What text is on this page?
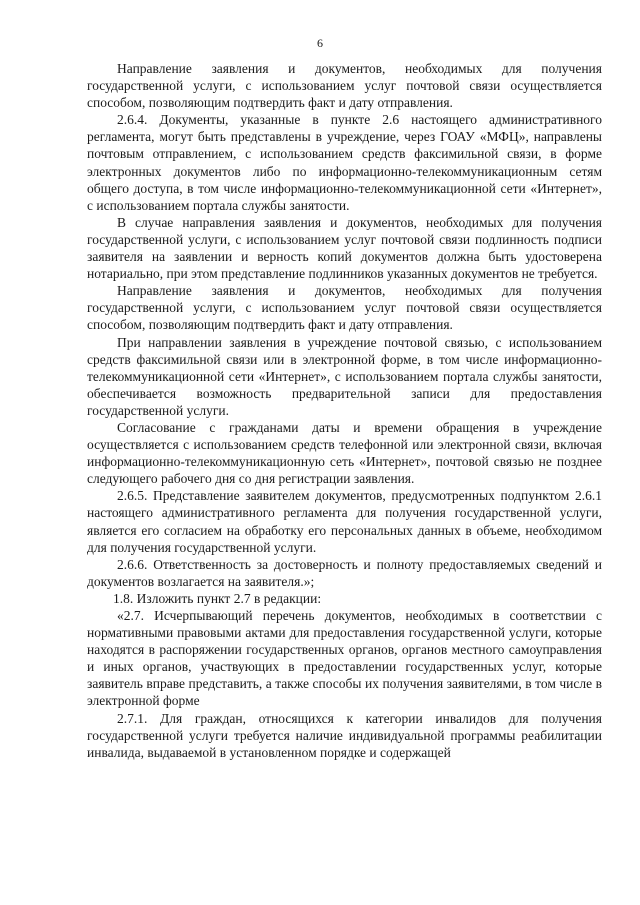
6

Направление заявления и документов, необходимых для получения государственной услуги, с использованием услуг почтовой связи осуществляется способом, позволяющим подтвердить факт и дату отправления.

2.6.4. Документы, указанные в пункте 2.6 настоящего административного регламента, могут быть представлены в учреждение, через ГОАУ «МФЦ», направлены почтовым отправлением, с использованием средств факсимильной связи, в форме электронных документов либо по информационно-телекоммуникационным сетям общего доступа, в том числе информационно-телекоммуникационной сети «Интернет», с использованием портала службы занятости.

В случае направления заявления и документов, необходимых для получения государственной услуги, с использованием услуг почтовой связи подлинность подписи заявителя на заявлении и верность копий документов должна быть удостоверена нотариально, при этом представление подлинников указанных документов не требуется.

Направление заявления и документов, необходимых для получения государственной услуги, с использованием услуг почтовой связи осуществляется способом, позволяющим подтвердить факт и дату отправления.

При направлении заявления в учреждение почтовой связью, с использованием средств факсимильной связи или в электронной форме, в том числе информационно-телекоммуникационной сети «Интернет», с использованием портала службы занятости, обеспечивается возможность предварительной записи для предоставления государственной услуги.

Согласование с гражданами даты и времени обращения в учреждение осуществляется с использованием средств телефонной или электронной связи, включая информационно-телекоммуникационную сеть «Интернет», почтовой связью не позднее следующего рабочего дня со дня регистрации заявления.

2.6.5. Представление заявителем документов, предусмотренных подпунктом 2.6.1 настоящего административного регламента для получения государственной услуги, является его согласием на обработку его персональных данных в объеме, необходимом для получения государственной услуги.

2.6.6. Ответственность за достоверность и полноту предоставляемых сведений и документов возлагается на заявителя.»;

1.8. Изложить пункт 2.7 в редакции:

«2.7. Исчерпывающий перечень документов, необходимых в соответствии с нормативными правовыми актами для предоставления государственной услуги, которые находятся в распоряжении государственных органов, органов местного самоуправления и иных органов, участвующих в предоставлении государственных услуг, которые заявитель вправе представить, а также способы их получения заявителями, в том числе в электронной форме

2.7.1. Для граждан, относящихся к категории инвалидов для получения государственной услуги требуется наличие индивидуальной программы реабилитации инвалида, выдаваемой в установленном порядке и содержащей
